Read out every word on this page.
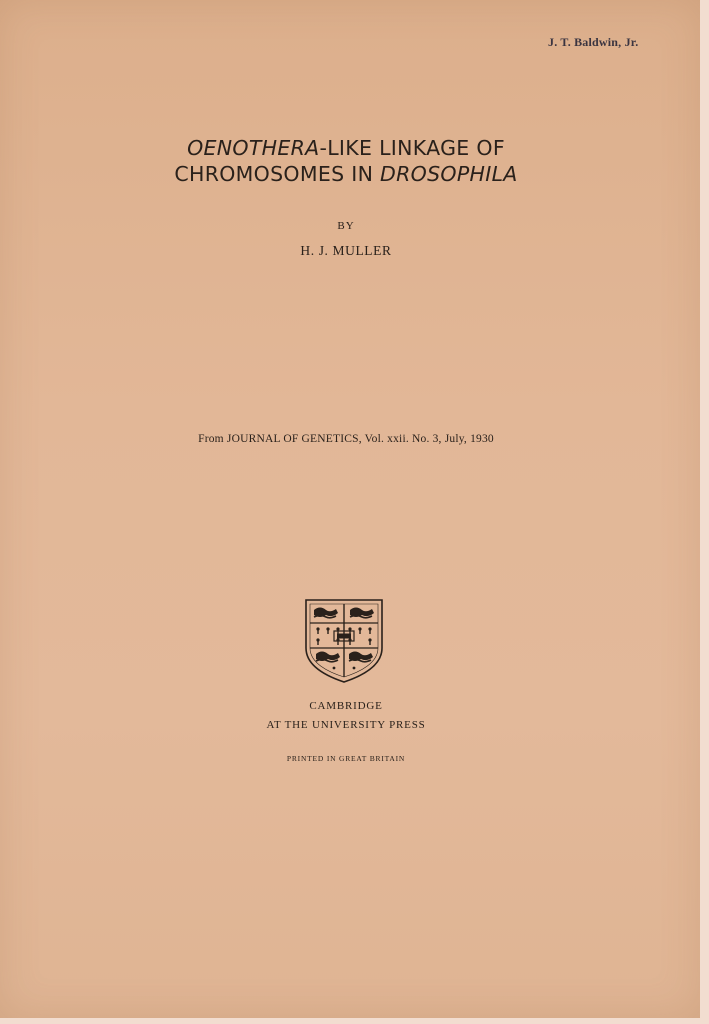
J. T. Baldwin, Jr.
OENOTHERA-LIKE LINKAGE OF
CHROMOSOMES IN DROSOPHILA
BY
H. J. MULLER
From JOURNAL OF GENETICS, Vol. xxii. No. 3, July, 1930
CAMBRIDGE
AT THE UNIVERSITY PRESS
PRINTED IN GREAT BRITAIN
